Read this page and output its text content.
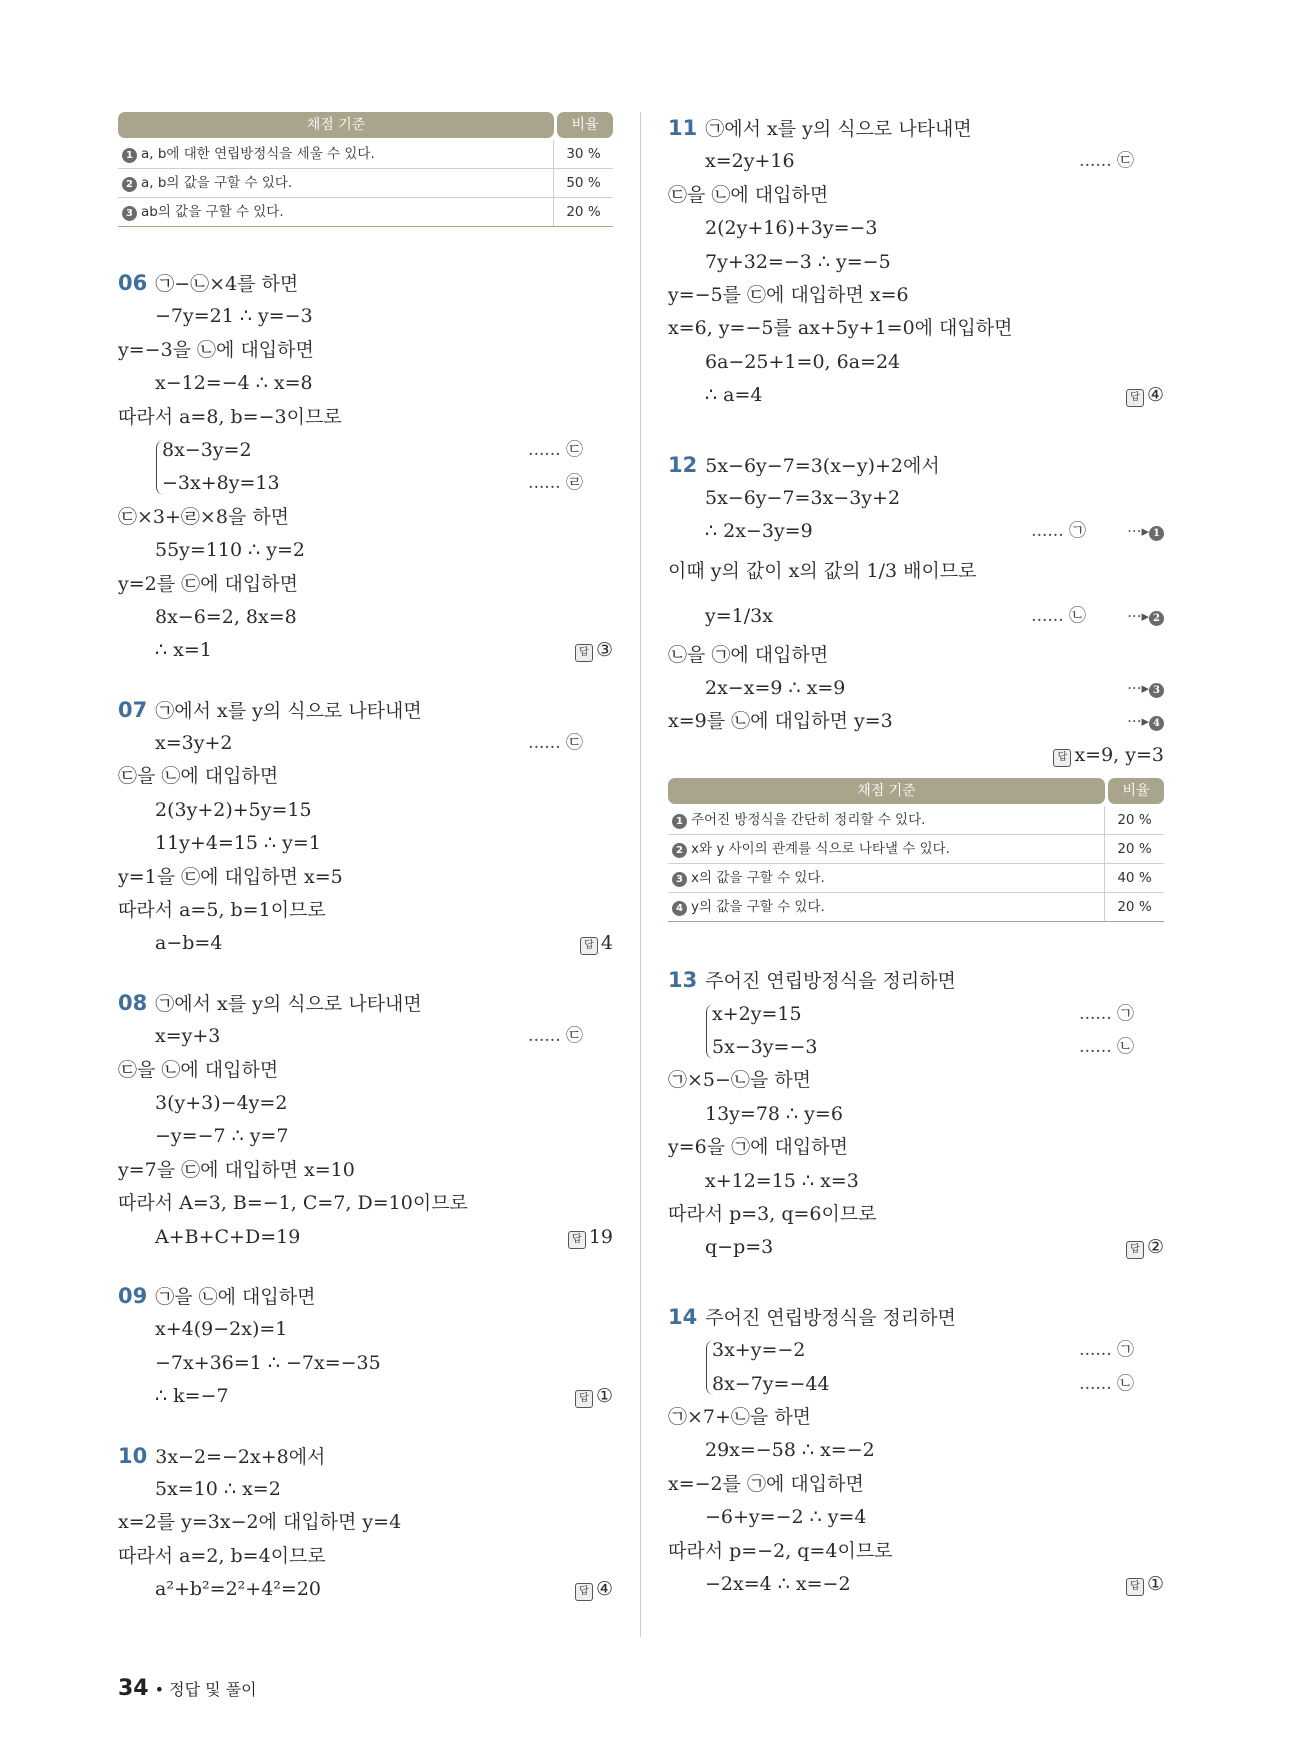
채점 기준	비율
1 a, b에 대한 연립방정식을 세울 수 있다.	30 %
2 a, b의 값을 구할 수 있다.	50 %
3 ab의 값을 구할 수 있다.	20 %
06 ㉠−㉡×4를 하면
−7y=21 ∴ y=−3
y=−3을 ㉡에 대입하면
x−12=−4 ∴ x=8
따라서 a=8, b=−3이므로
8x−3y=2	...... ㉢
−3x+8y=13	...... ㉣
㉢×3+㉣×8을 하면
55y=110 ∴ y=2
y=2를 ㉢에 대입하면
8x−6=2, 8x=8
∴ x=1	답 ③
07 ㉠에서 x를 y의 식으로 나타내면
x=3y+2	...... ㉢
㉢을 ㉡에 대입하면
2(3y+2)+5y=15
11y+4=15 ∴ y=1
y=1을 ㉢에 대입하면 x=5
따라서 a=5, b=1이므로
a−b=4	답 4
08 ㉠에서 x를 y의 식으로 나타내면
x=y+3	...... ㉢
㉢을 ㉡에 대입하면
3(y+3)−4y=2
−y=−7 ∴ y=7
y=7을 ㉢에 대입하면 x=10
따라서 A=3, B=−1, C=7, D=10이므로
A+B+C+D=19	답 19
09 ㉠을 ㉡에 대입하면
x+4(9−2x)=1
−7x+36=1 ∴ −7x=−35
∴ k=−7	답 ①
10 3x−2=−2x+8에서
5x=10 ∴ x=2
x=2를 y=3x−2에 대입하면 y=4
따라서 a=2, b=4이므로
a²+b²=2²+4²=20	답 ④
11 ㉠에서 x를 y의 식으로 나타내면
x=2y+16	...... ㉢
㉢을 ㉡에 대입하면
2(2y+16)+3y=−3
7y+32=−3 ∴ y=−5
y=−5를 ㉢에 대입하면 x=6
x=6, y=−5를 ax+5y+1=0에 대입하면
6a−25+1=0, 6a=24
∴ a=4	답 ④
12 5x−6y−7=3(x−y)+2에서
5x−6y−7=3x−3y+2
∴ 2x−3y=9	...... ㉠	···▸ 1
이때 y의 값이 x의 값의 1/3 배이므로
y=1/3x	...... ㉡	···▸ 2
㉡을 ㉠에 대입하면
2x−x=9 ∴ x=9	···▸ 3
x=9를 ㉡에 대입하면 y=3	···▸ 4
답 x=9, y=3
채점 기준	비율
1 주어진 방정식을 간단히 정리할 수 있다.	20 %
2 x와 y 사이의 관계를 식으로 나타낼 수 있다.	20 %
3 x의 값을 구할 수 있다.	40 %
4 y의 값을 구할 수 있다.	20 %
13 주어진 연립방정식을 정리하면
x+2y=15	...... ㉠
5x−3y=−3	...... ㉡
㉠×5−㉡을 하면
13y=78 ∴ y=6
y=6을 ㉠에 대입하면
x+12=15 ∴ x=3
따라서 p=3, q=6이므로
q−p=3	답 ②
14 주어진 연립방정식을 정리하면
3x+y=−2	...... ㉠
8x−7y=−44	...... ㉡
㉠×7+㉡을 하면
29x=−58 ∴ x=−2
x=−2를 ㉠에 대입하면
−6+y=−2 ∴ y=4
따라서 p=−2, q=4이므로
−2x=4 ∴ x=−2	답 ①
34 • 정답 및 풀이
